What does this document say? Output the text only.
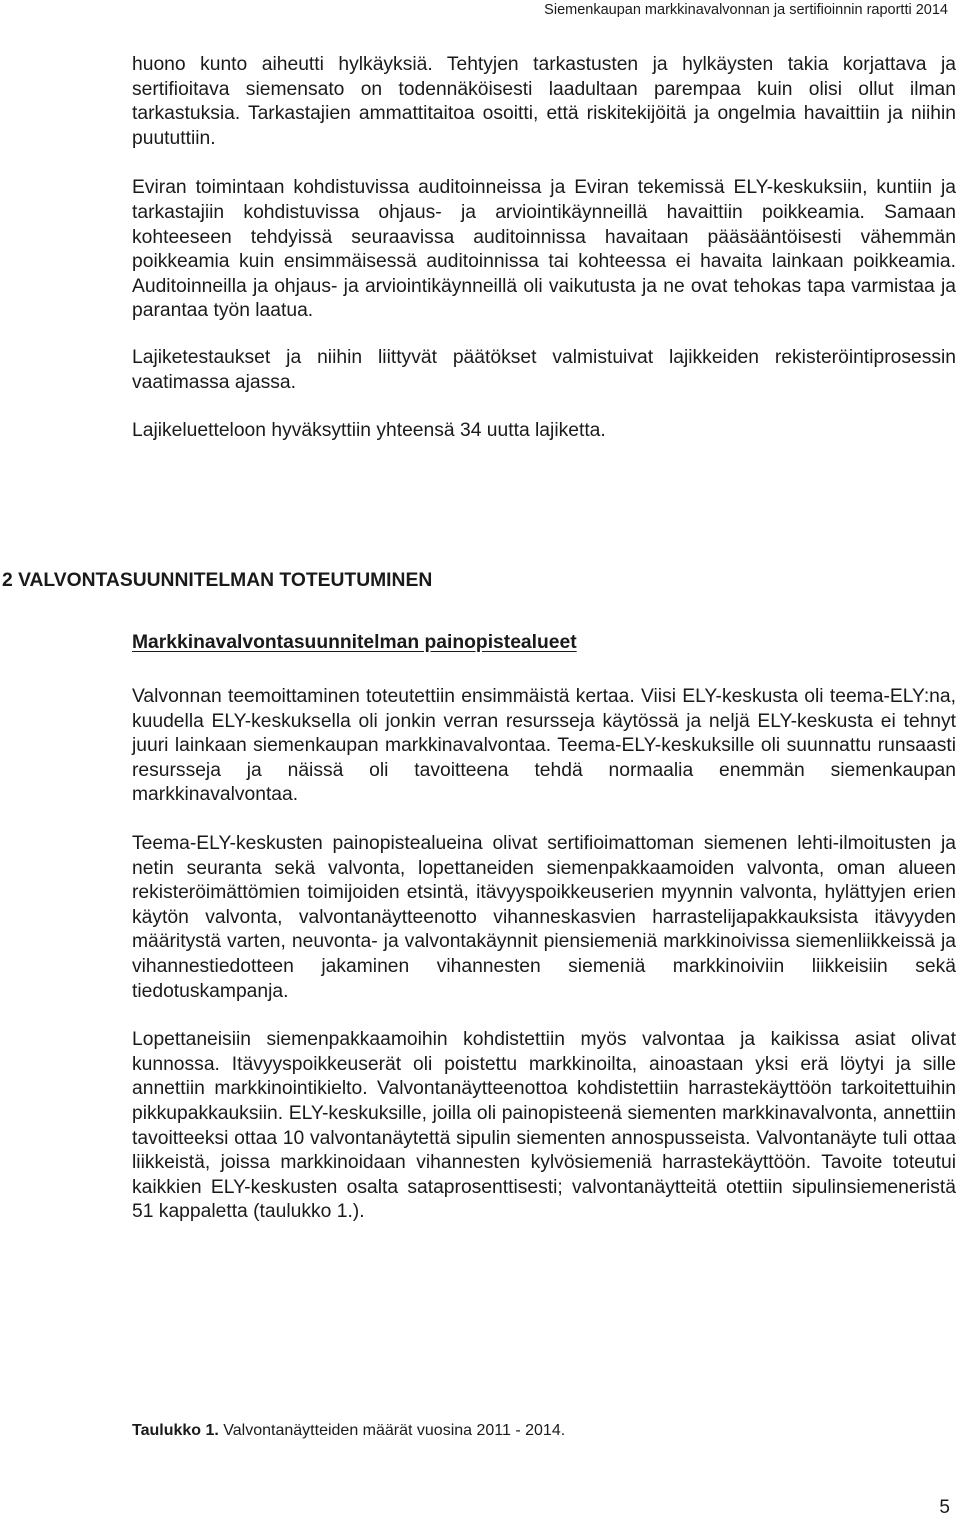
Siemenkaupan markkinavalvonnan ja sertifioinnin raportti 2014

huono kunto aiheutti hylkäyksiä. Tehtyjen tarkastusten ja hylkäysten takia korjattava ja sertifioitava siemensato on todennäköisesti laadultaan parempaa kuin olisi ollut ilman tarkastuksia. Tarkastajien ammattitaitoa osoitti, että riskitekijöitä ja ongelmia havaittiin ja niihin puututtiin.

Eviran toimintaan kohdistuvissa auditoinneissa ja Eviran tekemissä ELY-keskuksiin, kuntiin ja tarkastajiin kohdistuvissa ohjaus- ja arviointikäynneillä havaittiin poikkeamia. Samaan kohteeseen tehdyissä seuraavissa auditoinnissa havaitaan pääsääntöisesti vähemmän poikkeamia kuin ensimmäisessä auditoinnissa tai kohteessa ei havaita lainkaan poikkeamia. Auditoinneilla ja ohjaus- ja arviointikäynneillä oli vaikutusta ja ne ovat tehokas tapa varmistaa ja parantaa työn laatua.

Lajiketestaukset ja niihin liittyvät päätökset valmistuivat lajikkeiden rekisteröintiprosessin vaatimassa ajassa.

Lajikeluetteloon hyväksyttiin yhteensä 34 uutta lajiketta.

2 VALVONTASUUNNITELMAN TOTEUTUMINEN
Markkinavalvontasuunnitelman painopistealueet

Valvonnan teemoittaminen toteutettiin ensimmäistä kertaa. Viisi ELY-keskusta oli teema-ELY:na, kuudella ELY-keskuksella oli jonkin verran resursseja käytössä ja neljä ELY-keskusta ei tehnyt juuri lainkaan siemenkaupan markkinavalvontaa. Teema-ELY-keskuksille oli suunnattu runsaasti resursseja ja näissä oli tavoitteena tehdä normaalia enemmän siemenkaupan markkinavalvontaa.

Teema-ELY-keskusten painopistealueina olivat sertifioimattoman siemenen lehti-ilmoitusten ja netin seuranta sekä valvonta, lopettaneiden siemenpakkaamoiden valvonta, oman alueen rekisteröimättömien toimijoiden etsintä, itävyyspoikkeuserien myynnin valvonta, hylättyjen erien käytön valvonta, valvontanäytteenotto vihanneskasvien harrastelijapakkauksista itävyyden määritystä varten, neuvonta- ja valvontakäynnit piensiemeniä markkinoivissa siemenliikkeissä ja vihannestiedotteen jakaminen vihannesten siemeniä markkinoiviin liikkeisiin sekä tiedotuskampanja.

Lopettaneisiin siemenpakkaamoihin kohdistettiin myös valvontaa ja kaikissa asiat olivat kunnossa. Itävyyspoikkeuserät oli poistettu markkinoilta, ainoastaan yksi erä löytyi ja sille annettiin markkinointikielto. Valvontanäytteenottoa kohdistettiin harrastekäyttöön tarkoitettuihin pikkupakkauksiin. ELY-keskuksille, joilla oli painopisteenä siementen markkinavalvonta, annettiin tavoitteeksi ottaa 10 valvontanäytettä sipulin siementen annospusseista. Valvontanäyte tuli ottaa liikkeistä, joissa markkinoidaan vihannesten kylvösiemeniä harrastekäyttöön. Tavoite toteutui kaikkien ELY-keskusten osalta sataprosenttisesti; valvontanäytteitä otettiin sipulinsiemeneristä 51 kappaletta (taulukko 1.).

Taulukko 1. Valvontanäytteiden määrät vuosina 2011 - 2014.

5
